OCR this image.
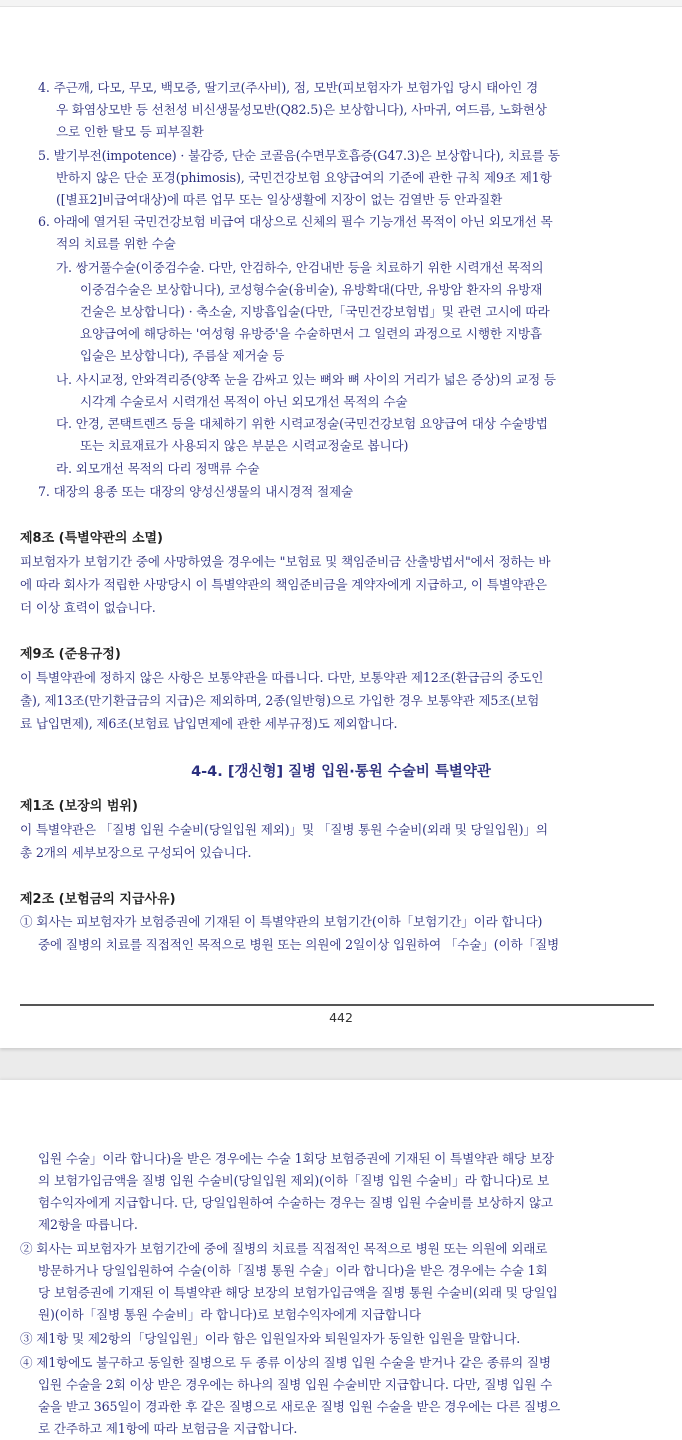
4. 주근깨, 다모, 무모, 백모증, 딸기코(주사비), 점, 모반(피보험자가 보험가입 당시 태아인 경
우 화염상모반 등 선천성 비신생물성모반(Q82.5)은 보상합니다), 사마귀, 여드름, 노화현상
으로 인한 탈모 등 피부질환
5. 발기부전(impotence) · 불감증, 단순 코골음(수면무호흡증(G47.3)은 보상합니다), 치료를 동
반하지 않은 단순 포경(phimosis), 국민건강보험 요양급여의 기준에 관한 규칙 제9조 제1항
([별표2]비급여대상)에 따른 업무 또는 일상생활에 지장이 없는 검열반 등 안과질환
6. 아래에 열거된 국민건강보험 비급여 대상으로 신체의 필수 기능개선 목적이 아닌 외모개선 목
적의 치료를 위한 수술
가. 쌍거풀수술(이중검수술. 다만, 안검하수, 안검내반 등을 치료하기 위한 시력개선 목적의
이중검수술은 보상합니다), 코성형수술(융비술), 유방확대(다만, 유방암 환자의 유방재
건술은 보상합니다) · 축소술, 지방흡입술(다만,「국민건강보험법」및 관련 고시에 따라
요양급여에 해당하는 '여성형 유방증'을 수술하면서 그 일련의 과정으로 시행한 지방흡
입술은 보상합니다), 주름살 제거술 등
나. 사시교정, 안와격리증(양쪽 눈을 감싸고 있는 뼈와 뼈 사이의 거리가 넓은 증상)의 교정 등
시각계 수술로서 시력개선 목적이 아닌 외모개선 목적의 수술
다. 안경, 콘택트렌즈 등을 대체하기 위한 시력교정술(국민건강보험 요양급여 대상 수술방법
또는 치료재료가 사용되지 않은 부분은 시력교정술로 봅니다)
라. 외모개선 목적의 다리 정맥류 수술
7. 대장의 용종 또는 대장의 양성신생물의 내시경적 절제술
제8조 (특별약관의 소멸)
피보험자가 보험기간 중에 사망하였을 경우에는 "보험료 및 책임준비금 산출방법서"에서 정하는 바
에 따라 회사가 적립한 사망당시 이 특별약관의 책임준비금을 계약자에게 지급하고, 이 특별약관은
더 이상 효력이 없습니다.
제9조 (준용규정)
이 특별약관에 정하지 않은 사항은 보통약관을 따릅니다. 다만, 보통약관 제12조(환급금의 중도인
출), 제13조(만기환급금의 지급)은 제외하며, 2종(일반형)으로 가입한 경우 보통약관 제5조(보험
료 납입면제), 제6조(보험료 납입면제에 관한 세부규정)도 제외합니다.
4-4. [갱신형] 질병 입원·통원 수술비 특별약관
제1조 (보장의 범위)
이 특별약관은 「질병 입원 수술비(당일입원 제외)」및 「질병 통원 수술비(외래 및 당일입원)」의
총 2개의 세부보장으로 구성되어 있습니다.
제2조 (보험금의 지급사유)
① 회사는 피보험자가 보험증권에 기재된 이 특별약관의 보험기간(이하「보험기간」이라 합니다)
중에 질병의 치료를 직접적인 목적으로 병원 또는 의원에 2일이상 입원하여 「수술」(이하「질병
442
입원 수술」이라 합니다)을 받은 경우에는 수술 1회당 보험증권에 기재된 이 특별약관 해당 보장
의 보험가입금액을 질병 입원 수술비(당일입원 제외)(이하「질병 입원 수술비」라 합니다)로 보
험수익자에게 지급합니다. 단, 당일입원하여 수술하는 경우는 질병 입원 수술비를 보상하지 않고
제2항을 따릅니다.
② 회사는 피보험자가 보험기간에 중에 질병의 치료를 직접적인 목적으로 병원 또는 의원에 외래로
방문하거나 당일입원하여 수술(이하「질병 통원 수술」이라 합니다)을 받은 경우에는 수술 1회
당 보험증권에 기재된 이 특별약관 해당 보장의 보험가입금액을 질병 통원 수술비(외래 및 당일입
원)(이하「질병 통원 수술비」라 합니다)로 보험수익자에게 지급합니다
③ 제1항 및 제2항의「당일입원」이라 함은 입원일자와 퇴원일자가 동일한 입원을 말합니다.
④ 제1항에도 불구하고 동일한 질병으로 두 종류 이상의 질병 입원 수술을 받거나 같은 종류의 질병
입원 수술을 2회 이상 받은 경우에는 하나의 질병 입원 수술비만 지급합니다. 다만, 질병 입원 수
술을 받고 365일이 경과한 후 같은 질병으로 새로운 질병 입원 수술을 받은 경우에는 다른 질병으
로 간주하고 제1항에 따라 보험금을 지급합니다.
